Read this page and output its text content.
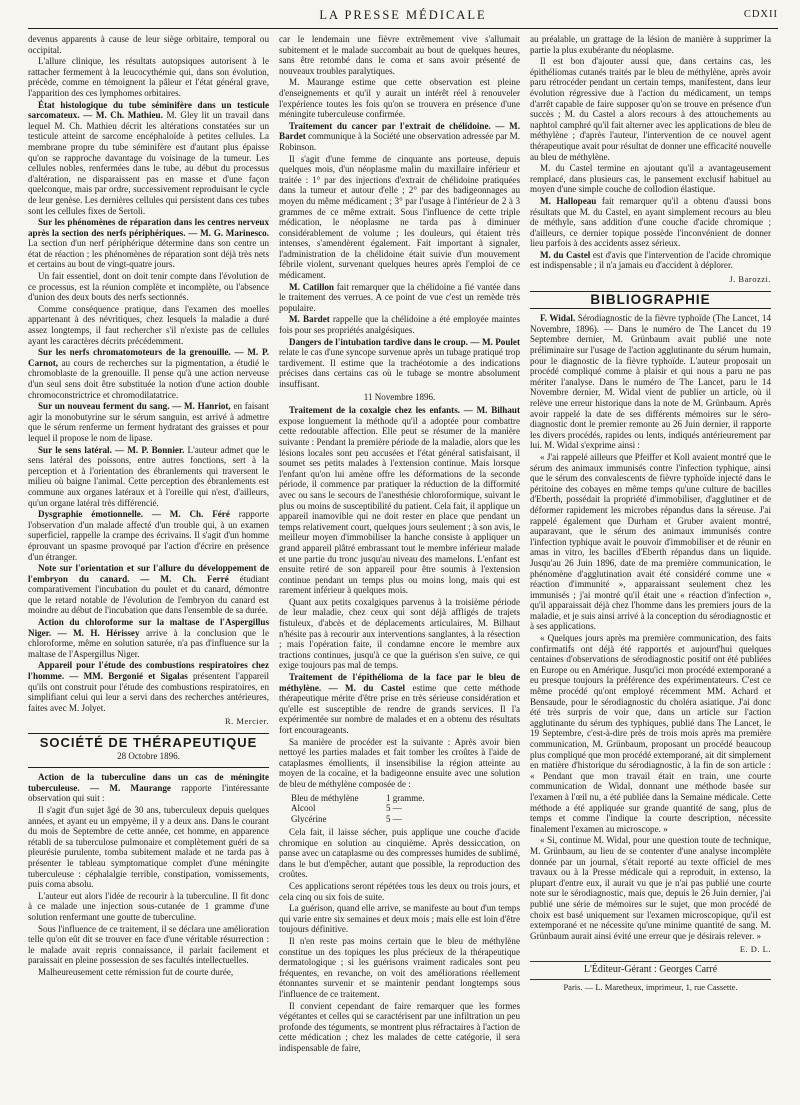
LA PRESSE MÉDICALE	CDXII

devenus apparents à cause de leur siège orbitaire, temporal ou occipital.

L'allure clinique, les résultats autopsiques autorisent à le rattacher fermement à la leucocythémie qui, dans son évolution, précède, comme en témoignent la pâleur et l'état général grave, l'apparition des ces lymphomes orbitaires.

État histologique du tube séminifère dans un testicule sarcomateux. — M. Ch. Mathieu. M. Gley lit un travail dans lequel M. Ch. Mathieu décrit les altérations constatées sur un testicule atteint de sarcome encéphaloïde à petites cellules. La membrane propre du tube séminifère est d'autant plus épaisse qu'on se rapproche davantage du voisinage de la tumeur. Les cellules nobles, renfermées dans le tube, au début du processus d'altération, ne disparaissent pas en masse et d'une façon quelconque, mais par ordre, successivement reproduisant le cycle de leur genèse. Les dernières cellules qui persistent dans ces tubes sont les cellules fixes de Sertoli.

Sur les phénomènes de réparation dans les centres nerveux après la section des nerfs périphériques. — M. G. Marinesco. La section d'un nerf périphérique détermine dans son centre un état de réaction ; les phénomènes de réparation sont déjà très nets et certains au bout de vingt-quatre jours.

Un fait essentiel, dont on doit tenir compte dans l'évolution de ce processus, est la réunion complète et incomplète, ou l'absence d'union des deux bouts des nerfs sectionnés.

Comme conséquence pratique, dans l'examen des moelles appartenant à des névritiques, chez lesquels la maladie a duré assez longtemps, il faut rechercher s'il n'existe pas de cellules ayant les caractères décrits précédemment.

Sur les nerfs chromatomoteurs de la grenouille. — M. P. Carnot, au cours de recherches sur la pigmentation, a étudié le chromoblaste de la grenouille. Il pense qu'à une action nerveuse d'un seul sens doit être substituée la notion d'une action double chromoconstrictrice et chromodilatatrice.

Sur un nouveau ferment du sang. — M. Hanriot, en faisant agir la monobutyrine sur le sérum sanguin, est arrivé à admettre que le sérum renferme un ferment hydratant des graisses et pour lequel il propose le nom de lipase.

Sur le sens latéral. — M. P. Bonnier. L'auteur admet que le sens latéral des poissons, entre autres fonctions, sert à la perception et à l'orientation des ébranlements qui traversent le milieu où baigne l'animal. Cette perception des ébranlements est commune aux organes latéraux et à l'oreille qui n'est, d'ailleurs, qu'un organe latéral très différencié.

Dysgraphie émotionnelle. — M. Ch. Féré rapporte l'observation d'un malade affecté d'un trouble qui, à un examen superficiel, rappelle la crampe des écrivains. Il s'agit d'un homme éprouvant un spasme provoqué par l'action d'écrire en présence d'un étranger.

Note sur l'orientation et sur l'allure du développement de l'embryon du canard. — M. Ch. Ferré étudiant comparativement l'incubation du poulet et du canard, démontre que le retard notable de l'évolution de l'embryon du canard est moindre au début de l'incubation que dans l'ensemble de sa durée.

Action du chloroforme sur la maltase de l'Aspergillus Niger. — M. H. Hérissey arrive à la conclusion que le chloroforme, même en solution saturée, n'a pas d'influence sur la maltase de l'Aspergillus Niger.

Appareil pour l'étude des combustions respiratoires chez l'homme. — MM. Bergonié et Sigalas présentent l'appareil qu'ils ont construit pour l'étude des combustions respiratoires, en simplifiant celui qui leur a servi dans des recherches antérieures, faites avec M. Jolyet.

R. Mercier.
SOCIÉTÉ DE THÉRAPEUTIQUE
28 Octobre 1896.

Action de la tuberculine dans un cas de méningite tuberculeuse. — M. Maurange rapporte l'intéressante observation qui suit :

Il s'agit d'un sujet âgé de 30 ans, tuberculeux depuis quelques années, et ayant eu un empyème, il y a deux ans. Dans le courant du mois de Septembre de cette année, cet homme, en apparence rétabli de sa tuberculose pulmonaire et complètement guéri de sa pleurésie purulente, tomba subitement malade et ne tarda pas à présenter le tableau symptomatique complet d'une méningite tuberculeuse : céphalalgie terrible, constipation, vomissements, puis coma absolu.

L'auteur eut alors l'idée de recourir à la tuberculine. Il fit donc à ce malade une injection sous-cutanée de 1 gramme d'une solution renfermant une goutte de tuberculine.

Sous l'influence de ce traitement, il se déclara une amélioration telle qu'on eût dit se trouver en face d'une véritable résurrection : le malade avait repris connaissance, il parlait facilement et paraissait en pleine possession de ses facultés intellectuelles.

Malheureusement cette rémission fut de courte durée,

car le lendemain une fièvre extrêmement vive s'allumait subitement et le malade succombait au bout de quelques heures, sans être retombé dans le coma et sans avoir présenté de nouveaux troubles paralytiques.

M. Maurange estime que cette observation est pleine d'enseignements et qu'il y aurait un intérêt réel à renouveler l'expérience toutes les fois qu'on se trouvera en présence d'une méningite tuberculeuse confirmée.

Traitement du cancer par l'extrait de chélidoine. — M. Bardet communique à la Société une observation adressée par M. Robinson.

Il s'agit d'une femme de cinquante ans porteuse, depuis quelques mois, d'un néoplasme malin du maxillaire inférieur et traitée : 1° par des injections d'extrait de chélidoine pratiquées dans la tumeur et autour d'elle ; 2° par des badigeonnages au moyen du même médicament ; 3° par l'usage à l'intérieur de 2 à 3 grammes de ce même extrait. Sous l'influence de cette triple médication, le néoplasme ne tarda pas à diminuer considérablement de volume ; les douleurs, qui étaient très intenses, s'amendèrent également. Fait important à signaler, l'administration de la chélidoine était suivie d'un mouvement fébrile violent, survenant quelques heures après l'emploi de ce médicament.

M. Catillon fait remarquer que la chélidoine a fié vantée dans le traitement des verrues. A ce point de vue c'est un remède très populaire.

M. Bardet rappelle que la chélidoine a été employée maintes fois pour ses propriétés analgésiques.

Dangers de l'intubation tardive dans le croup. — M. Poulet relate le cas d'une syncope survenue après un tubage pratiqué trop tardivement. Il estime que la trachéotomie a des indications précises dans certains cas où le tubage se montre absolument insuffisant.

11 Novembre 1896.

Traitement de la coxalgie chez les enfants. — M. Bilhaut expose longuement la méthode qu'il a adoptée pour combattre cette redoutable affection. Elle peut se résumer de la manière suivante : Pendant la première période de la maladie, alors que les lésions locales sont peu accusées et l'état général satisfaisant, il soumet ses petits malades à l'extension continue. Mais lorsque l'enfant qu'on lui amène offre les déformations de la seconde période, il commence par pratiquer la réduction de la difformité avec ou sans le secours de l'anesthésie chloroformique, suivant le plus ou moins de susceptibilité du patient. Cela fait, il applique un appareil inamovible qui ne doit rester en place que pendant un temps relativement court, quelques jours seulement ; à son avis, le meilleur moyen d'immobiliser la hanche consiste à appliquer un grand appareil plâtré embrassant tout le membre inférieur malade et une partie du tronc jusqu'au niveau des mamelons. L'enfant est ensuite retiré de son appareil pour être soumis à l'extension continue pendant un temps plus ou moins long, mais qui est rarement inférieur à quelques mois.

Quant aux petits coxalgiques parvenus à la troisième période de leur maladie, chez ceux qui sont déjà affligés de trajets fistuleux, d'abcès et de déplacements articulaires, M. Bilhaut n'hésite pas à recourir aux interventions sanglantes, à la résection ; mais l'opération faite, il condamne encore le membre aux tractions continues, jusqu'à ce que la guérison s'en suive, ce qui exige toujours pas mal de temps.

Traitement de l'épithélioma de la face par le bleu de méthylène. — M. du Castel estime que cette méthode thérapeutique mérite d'être prise en très sérieuse considération et qu'elle est susceptible de rendre de grands services. Il l'a expérimentée sur nombre de malades et en a obtenu des résultats fort encourageants.

Sa manière de procéder est la suivante : Après avoir bien nettoyé les parties malades et fait tomber les croûtes à l'aide de cataplasmes émollients, il insensibilise la région atteinte au moyen de la cocaïne, et la badigeonne ensuite avec une solution de bleu de méthylène composée de :

Bleu de méthylène	1 gramme.
Alcool	5 —
Glycérine	5 —

Cela fait, il laisse sécher, puis applique une couche d'acide chromique en solution au cinquième. Après dessiccation, on panse avec un cataplasme ou des compresses humides de sublimé, dans le but d'empêcher, autant que possible, la reproduction des croûtes.

Ces applications seront répétées tous les deux ou trois jours, et cela cinq ou six fois de suite.

La guérison, quand elle arrive, se manifeste au bout d'un temps qui varie entre six semaines et deux mois ; mais elle est loin d'être toujours définitive.

Il n'en reste pas moins certain que le bleu de méthylène constitue un des topiques les plus précieux de la thérapeutique dermatologique ; si les guérisons vraiment radicales sont peu fréquentes, en revanche, on voit des améliorations réellement étonnantes survenir et se maintenir pendant longtemps sous l'influence de ce traitement.

Il convient cependant de faire remarquer que les formes végétantes et celles qui se caractérisent par une infiltration un peu profonde des téguments, se montrent plus réfractaires à l'action de cette médication ; chez les malades de cette catégorie, il sera indispensable de faire,

au préalable, un grattage de la lésion de manière à supprimer la partie la plus exubérante du néoplasme.

Il est bon d'ajouter aussi que, dans certains cas, les épithéliomas cutanés traités par le bleu de méthylène, après avoir paru rétrocéder pendant un certain temps, manifestent, dans leur évolution régressive due à l'action du médicament, un temps d'arrêt capable de faire supposer qu'on se trouve en présence d'un succès ; M. du Castel a alors recours à des attouchements au naphtol camphré qu'il fait alterner avec les applications de bleu de méthylène ; d'après l'auteur, l'intervention de ce nouvel agent thérapeutique avait pour résultat de donner une efficacité nouvelle au bleu de méthylène.

M. du Castel termine en ajoutant qu'il a avantageusement remplacé, dans plusieurs cas, le pansement exclusif habituel au moyen d'une simple couche de collodion élastique.

M. Hallopeau fait remarquer qu'il a obtenu d'aussi bons résultats que M. du Castel, en ayant simplement recours au bleu de méthyle, sans addition d'une couche d'acide chromique ; d'ailleurs, ce dernier topique possède l'inconvénient de donner lieu parfois à des accidents assez sérieux.

M. du Castel est d'avis que l'intervention de l'acide chromique est indispensable ; il n'a jamais eu d'accident à déplorer.

J. Barozzi.
BIBLIOGRAPHIE

F. Widal. Sérodiagnostic de la fièvre typhoïde (The Lancet, 14 Novembre, 1896). — Dans le numéro de The Lancet du 19 Septembre dernier, M. Grünbaum avait publié une note préliminaire sur l'usage de l'action agglutinante du sérum humain, pour le diagnostic de la fièvre typhoïde. L'auteur proposait un procédé compliqué comme à plaisir et qui nous a paru ne pas mériter l'analyse. Dans le numéro de The Lancet, paru le 14 Novembre dernier, M. Widal vient de publier un article, où il relève une erreur historique dans la note de M. Grünbaum. Après avoir rappelé la date de ses différents mémoires sur le séro-diagnostic dont le premier remonte au 26 Juin dernier, il rapporte les divers procédés, rapides ou lents, indiqués antérieurement par lui. M. Widal s'exprime ainsi :

« J'ai rappelé ailleurs que Pfeiffer et Koll avaient montré que le sérum des animaux immunisés contre l'infection typhique, ainsi que le sérum des convalescents de fièvre typhoïde injecté dans le péritoine des cobayes en même temps qu'une culture de bacilles d'Eberth, possédait la propriété d'immobiliser, d'agglutiner et de déformer rapidement les microbes répandus dans la séreuse. J'ai rappelé également que Durham et Gruber avaient montré, auparavant, que le sérum des animaux immunisés contre l'infection typhique avait le pouvoir d'immobiliser et de réunir en amas in vitro, les bacilles d'Eberth répandus dans un liquide. Jusqu'au 26 Juin 1896, date de ma première communication, le phénomène d'agglutination avait été considéré comme une « réaction d'immunité », apparaissant seulement chez les immunisés ; j'ai montré qu'il était une « réaction d'infection », qu'il apparaissait déjà chez l'homme dans les premiers jours de la maladie, et je suis ainsi arrivé à la conception du sérodiagnostic et à ses applications.

« Quelques jours après ma première communication, des faits confirmatifs ont déjà été rapportés et aujourd'hui quelques centaines d'observations de sérodiagnostic positif ont été publiées en Europe ou en Amérique. Jusqu'ici mon procédé extemporané a eu presque toujours la préférence des expérimentateurs. C'est ce même procédé qu'ont employé récemment MM. Achard et Bensaude, pour le sérodiagnostic du choléra asiatique. J'ai donc été très surpris de voir que, dans un article sur l'action agglutinante du sérum des typhiques, publié dans The Lancet, le 19 Septembre, c'est-à-dire près de trois mois après ma première communication, M. Grünbaum, proposant un procédé beaucoup plus compliqué que mon procédé extemporané, ait dit simplement en matière d'historique du sérodiagnostic, à la fin de son article : « Pendant que mon travail était en train, une courte communication de Widal, donnant une méthode basée sur l'examen à l'œil nu, a été publiée dans la Semaine médicale. Cette méthode a été appliquée sur grande quantité de sang, plus de temps et comme l'indique la courte description, nécessite finalement l'examen au microscope. »

« Si, continue M. Widal, pour une question toute de technique, M. Grünbaum, au lieu de se contenter d'une analyse incomplète donnée par un journal, s'était reporté au texte officiel de mes travaux ou à la Presse médicale qui a reproduit, in extenso, la plupart d'entre eux, il aurait vu que je n'ai pas publié une courte note sur le sérodiagnostic, mais que, depuis le 26 Juin dernier, j'ai publié une série de mémoires sur le sujet, que mon procédé de choix est basé uniquement sur l'examen microscopique, qu'il est extemporané et ne nécessite qu'une minime quantité de sang. M. Grünbaum aurait ainsi évité une erreur que je désirais relever. »

E. D. L.
L'Éditeur-Gérant : Georges Carré
Paris. — L. Maretheux, imprimeur, 1, rue Cassette.
